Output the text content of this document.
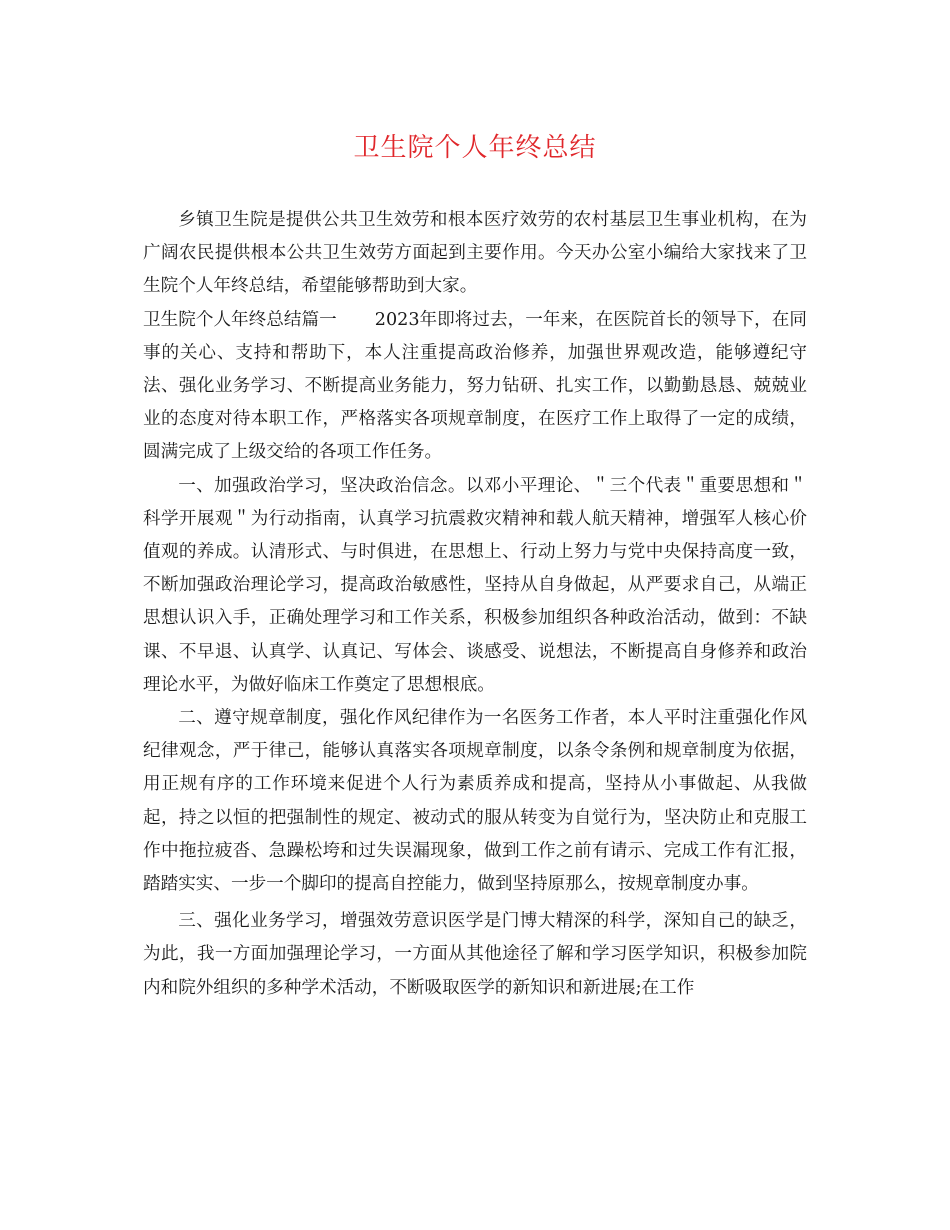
卫生院个人年终总结

乡镇卫生院是提供公共卫生效劳和根本医疗效劳的农村基层卫生事业机构，在为广阔农民提供根本公共卫生效劳方面起到主要作用。今天办公室小编给大家找来了卫生院个人年终总结，希望能够帮助到大家。

卫生院个人年终总结篇一 2023年即将过去，一年来，在医院首长的领导下，在同事的关心、支持和帮助下，本人注重提高政治修养，加强世界观改造，能够遵纪守法、强化业务学习、不断提高业务能力，努力钻研、扎实工作，以勤勤恳恳、兢兢业业的态度对待本职工作，严格落实各项规章制度，在医疗工作上取得了一定的成绩，圆满完成了上级交给的各项工作任务。

一、加强政治学习，坚决政治信念。以邓小平理论、＂三个代表＂重要思想和＂科学开展观＂为行动指南，认真学习抗震救灾精神和载人航天精神，增强军人核心价值观的养成。认清形式、与时俱进，在思想上、行动上努力与党中央保持高度一致，不断加强政治理论学习，提高政治敏感性，坚持从自身做起，从严要求自己，从端正思想认识入手，正确处理学习和工作关系，积极参加组织各种政治活动，做到：不缺课、不早退、认真学、认真记、写体会、谈感受、说想法，不断提高自身修养和政治理论水平，为做好临床工作奠定了思想根底。

二、遵守规章制度，强化作风纪律作为一名医务工作者，本人平时注重强化作风纪律观念，严于律己，能够认真落实各项规章制度，以条令条例和规章制度为依据，用正规有序的工作环境来促进个人行为素质养成和提高，坚持从小事做起、从我做起，持之以恒的把强制性的规定、被动式的服从转变为自觉行为，坚决防止和克服工作中拖拉疲沓、急躁松垮和过失误漏现象，做到工作之前有请示、完成工作有汇报，踏踏实实、一步一个脚印的提高自控能力，做到坚持原那么，按规章制度办事。

三、强化业务学习，增强效劳意识医学是门博大精深的科学，深知自己的缺乏，为此，我一方面加强理论学习，一方面从其他途径了解和学习医学知识，积极参加院内和院外组织的多种学术活动，不断吸取医学的新知识和新进展;在工作
